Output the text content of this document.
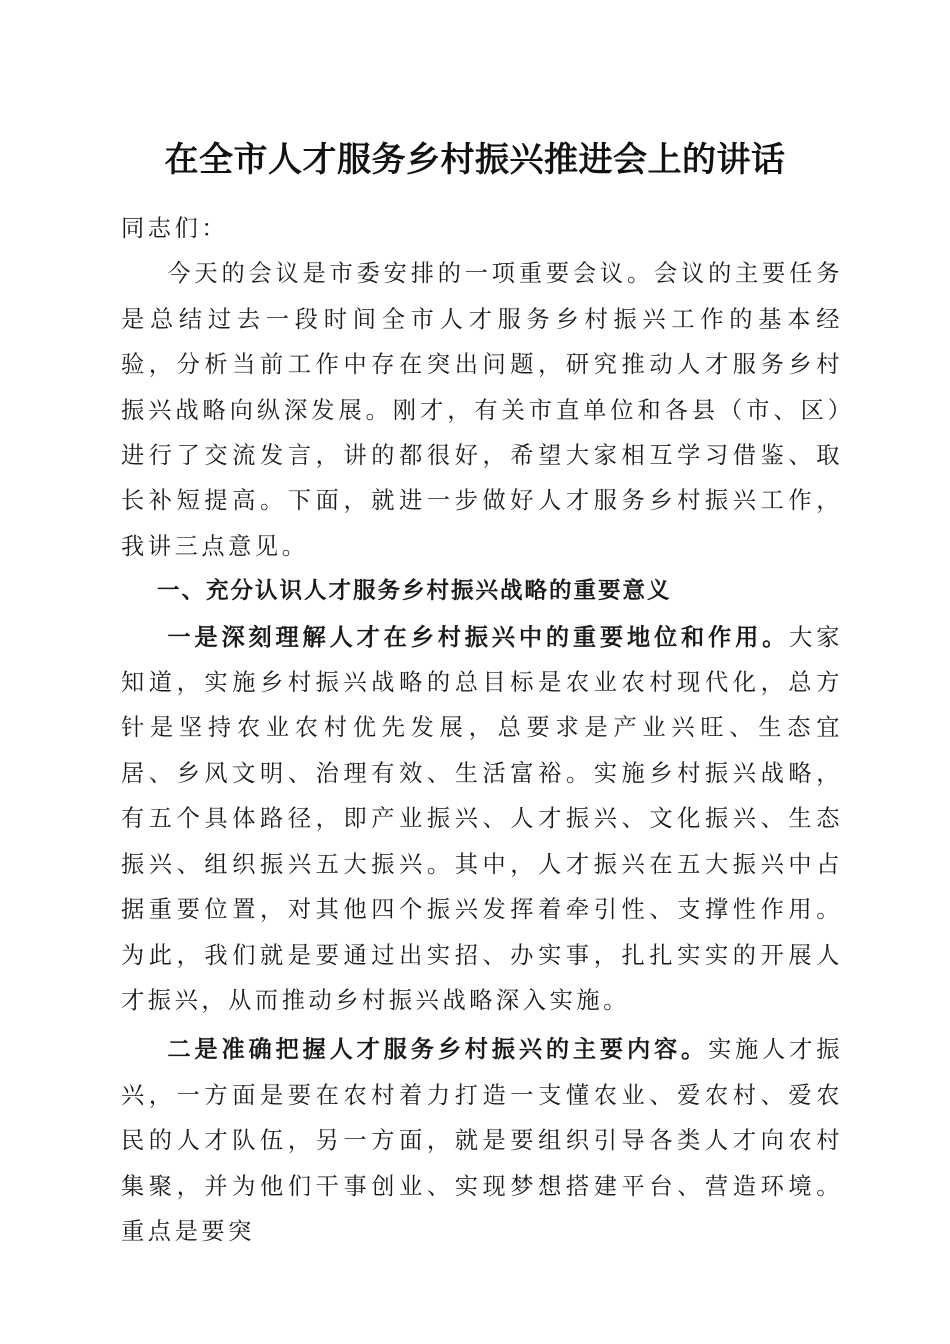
在全市人才服务乡村振兴推进会上的讲话

同志们：

今天的会议是市委安排的一项重要会议。会议的主要任务是总结过去一段时间全市人才服务乡村振兴工作的基本经验，分析当前工作中存在突出问题，研究推动人才服务乡村振兴战略向纵深发展。刚才，有关市直单位和各县（市、区）进行了交流发言，讲的都很好，希望大家相互学习借鉴、取长补短提高。下面，就进一步做好人才服务乡村振兴工作，我讲三点意见。

一、充分认识人才服务乡村振兴战略的重要意义

一是深刻理解人才在乡村振兴中的重要地位和作用。大家知道，实施乡村振兴战略的总目标是农业农村现代化，总方针是坚持农业农村优先发展，总要求是产业兴旺、生态宜居、乡风文明、治理有效、生活富裕。实施乡村振兴战略，有五个具体路径，即产业振兴、人才振兴、文化振兴、生态振兴、组织振兴五大振兴。其中，人才振兴在五大振兴中占据重要位置，对其他四个振兴发挥着牵引性、支撑性作用。为此，我们就是要通过出实招、办实事，扎扎实实的开展人才振兴，从而推动乡村振兴战略深入实施。

二是准确把握人才服务乡村振兴的主要内容。实施人才振兴，一方面是要在农村着力打造一支懂农业、爱农村、爱农民的人才队伍，另一方面，就是要组织引导各类人才向农村集聚，并为他们干事创业、实现梦想搭建平台、营造环境。重点是要突
